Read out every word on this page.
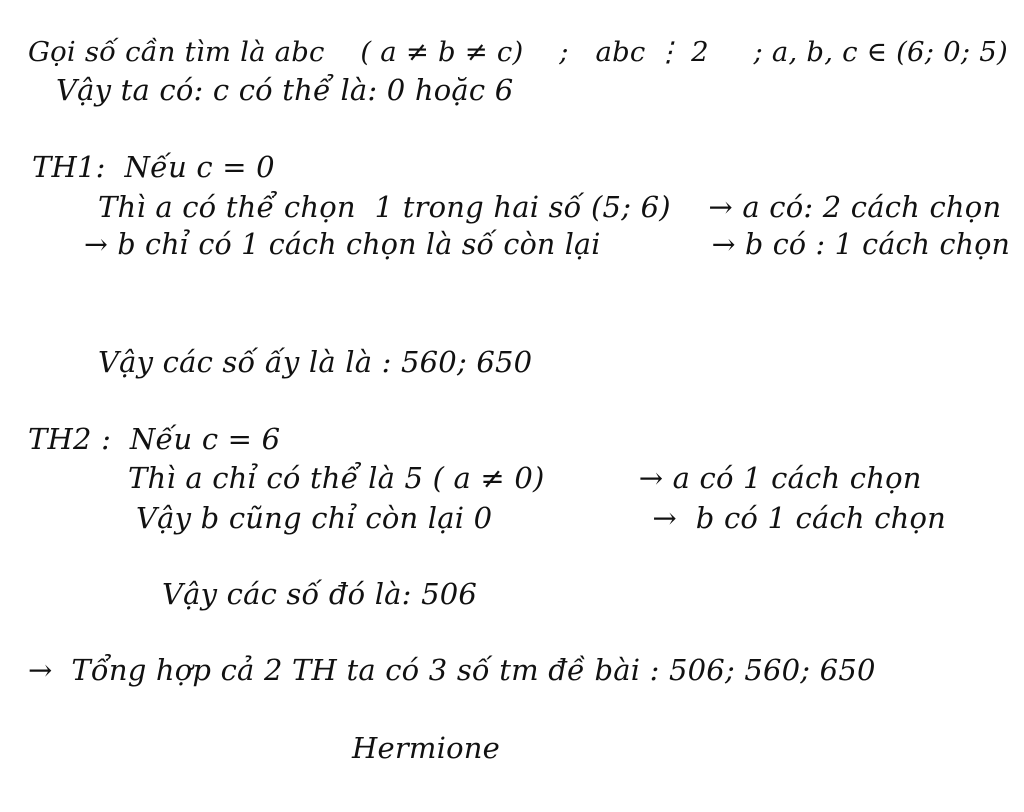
Gọi số cần tìm là abc    ( a ≠ b ≠ c)    ;   abc ⋮ 2     ; a, b, c ∈ (6; 0; 5)
Vậy ta có: c có thể là: 0 hoặc 6
TH1:  Nếu c = 0
Thì a có thể chọn  1 trong hai số (5; 6)    → a có: 2 cách chọn
→ b chỉ có 1 cách chọn là số còn lại            → b có : 1 cách chọn
Vậy các số ấy là là : 560; 650
TH2 :  Nếu c = 6
Thì a chỉ có thể là 5 ( a ≠ 0)          → a có 1 cách chọn
Vậy b cũng chỉ còn lại 0                 →  b có 1 cách chọn
Vậy các số đó là: 506
→  Tổng hợp cả 2 TH ta có 3 số tm đề bài : 506; 560; 650
Hermione
